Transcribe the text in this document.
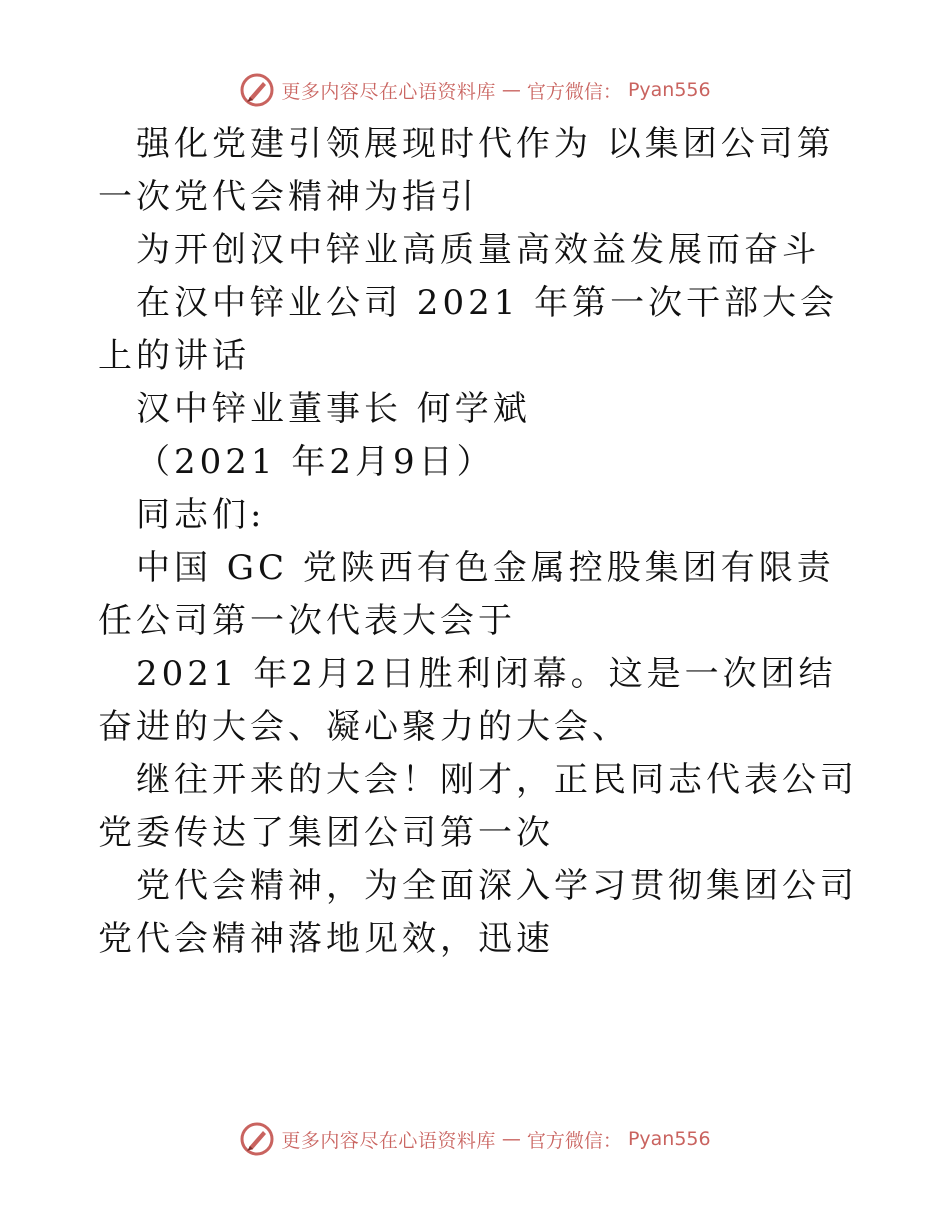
更多内容尽在心语资料库 — 官方微信： Pyan556

强化党建引领展现时代作为 以集团公司第一次党代会精神为指引

为开创汉中锌业高质量高效益发展而奋斗

在汉中锌业公司 2021 年第一次干部大会上的讲话

汉中锌业董事长 何学斌

（2021 年2月9日）

同志们:

中国 GC 党陕西有色金属控股集团有限责任公司第一次代表大会于

2021 年2月2日胜利闭幕。这是一次团结奋进的大会、凝心聚力的大会、

继往开来的大会！刚才，正民同志代表公司党委传达了集团公司第一次

党代会精神，为全面深入学习贯彻集团公司党代会精神落地见效，迅速

更多内容尽在心语资料库 — 官方微信： Pyan556
